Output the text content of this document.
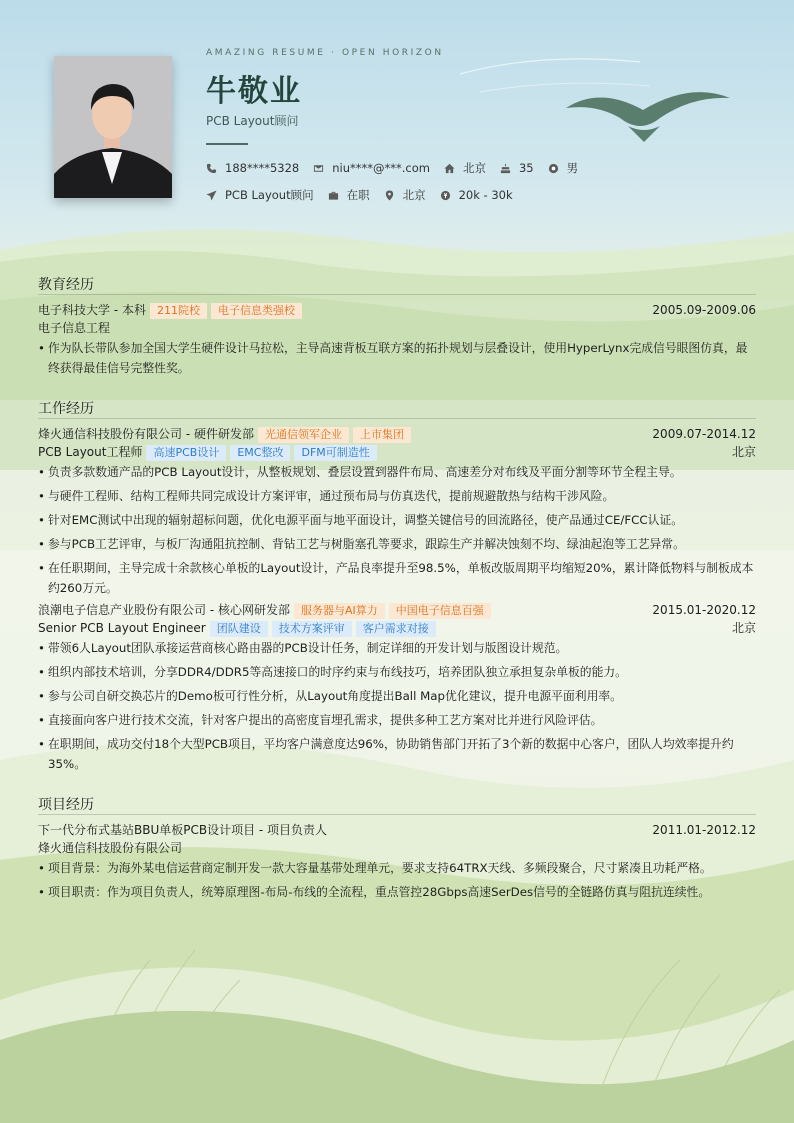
AMAZING RESUME · OPEN HORIZON
牛敬业
PCB Layout顾问
188****5328	niu****@***.com	北京	35	男
PCB Layout顾问	在职	北京	20k - 30k
教育经历
电子科技大学 - 本科	211院校	电子信息类强校	2005.09-2009.06
电子信息工程
• 作为队长带队参加全国大学生硬件设计马拉松，主导高速背板互联方案的拓扑规划与层叠设计，使用HyperLynx完成信号眼图仿真，最终获得最佳信号完整性奖。
工作经历
烽火通信科技股份有限公司 - 硬件研发部	光通信领军企业	上市集团	2009.07-2014.12
PCB Layout工程师	高速PCB设计	EMC整改	DFM可制造性	北京
• 负责多款数通产品的PCB Layout设计，从整板规划、叠层设置到器件布局、高速差分对布线及平面分割等环节全程主导。
• 与硬件工程师、结构工程师共同完成设计方案评审，通过预布局与仿真迭代，提前规避散热与结构干涉风险。
• 针对EMC测试中出现的辐射超标问题，优化电源平面与地平面设计，调整关键信号的回流路径，使产品通过CE/FCC认证。
• 参与PCB工艺评审，与板厂沟通阻抗控制、背钻工艺与树脂塞孔等要求，跟踪生产并解决蚀刻不均、绿油起泡等工艺异常。
• 在任职期间，主导完成十余款核心单板的Layout设计，产品良率提升至98.5%，单板改版周期平均缩短20%，累计降低物料与制板成本约260万元。
浪潮电子信息产业股份有限公司 - 核心网研发部	服务器与AI算力	中国电子信息百强	2015.01-2020.12
Senior PCB Layout Engineer	团队建设	技术方案评审	客户需求对接	北京
• 带领6人Layout团队承接运营商核心路由器的PCB设计任务，制定详细的开发计划与版图设计规范。
• 组织内部技术培训，分享DDR4/DDR5等高速接口的时序约束与布线技巧，培养团队独立承担复杂单板的能力。
• 参与公司自研交换芯片的Demo板可行性分析，从Layout角度提出Ball Map优化建议，提升电源平面利用率。
• 直接面向客户进行技术交流，针对客户提出的高密度盲埋孔需求，提供多种工艺方案对比并进行风险评估。
• 在职期间，成功交付18个大型PCB项目，平均客户满意度达96%，协助销售部门开拓了3个新的数据中心客户，团队人均效率提升约35%。
项目经历
下一代分布式基站BBU单板PCB设计项目 - 项目负责人	2011.01-2012.12
烽火通信科技股份有限公司
• 项目背景：为海外某电信运营商定制开发一款大容量基带处理单元，要求支持64TRX天线、多频段聚合，尺寸紧凑且功耗严格。
• 项目职责：作为项目负责人，统筹原理图-布局-布线的全流程，重点管控28Gbps高速SerDes信号的全链路仿真与阻抗连续性。
